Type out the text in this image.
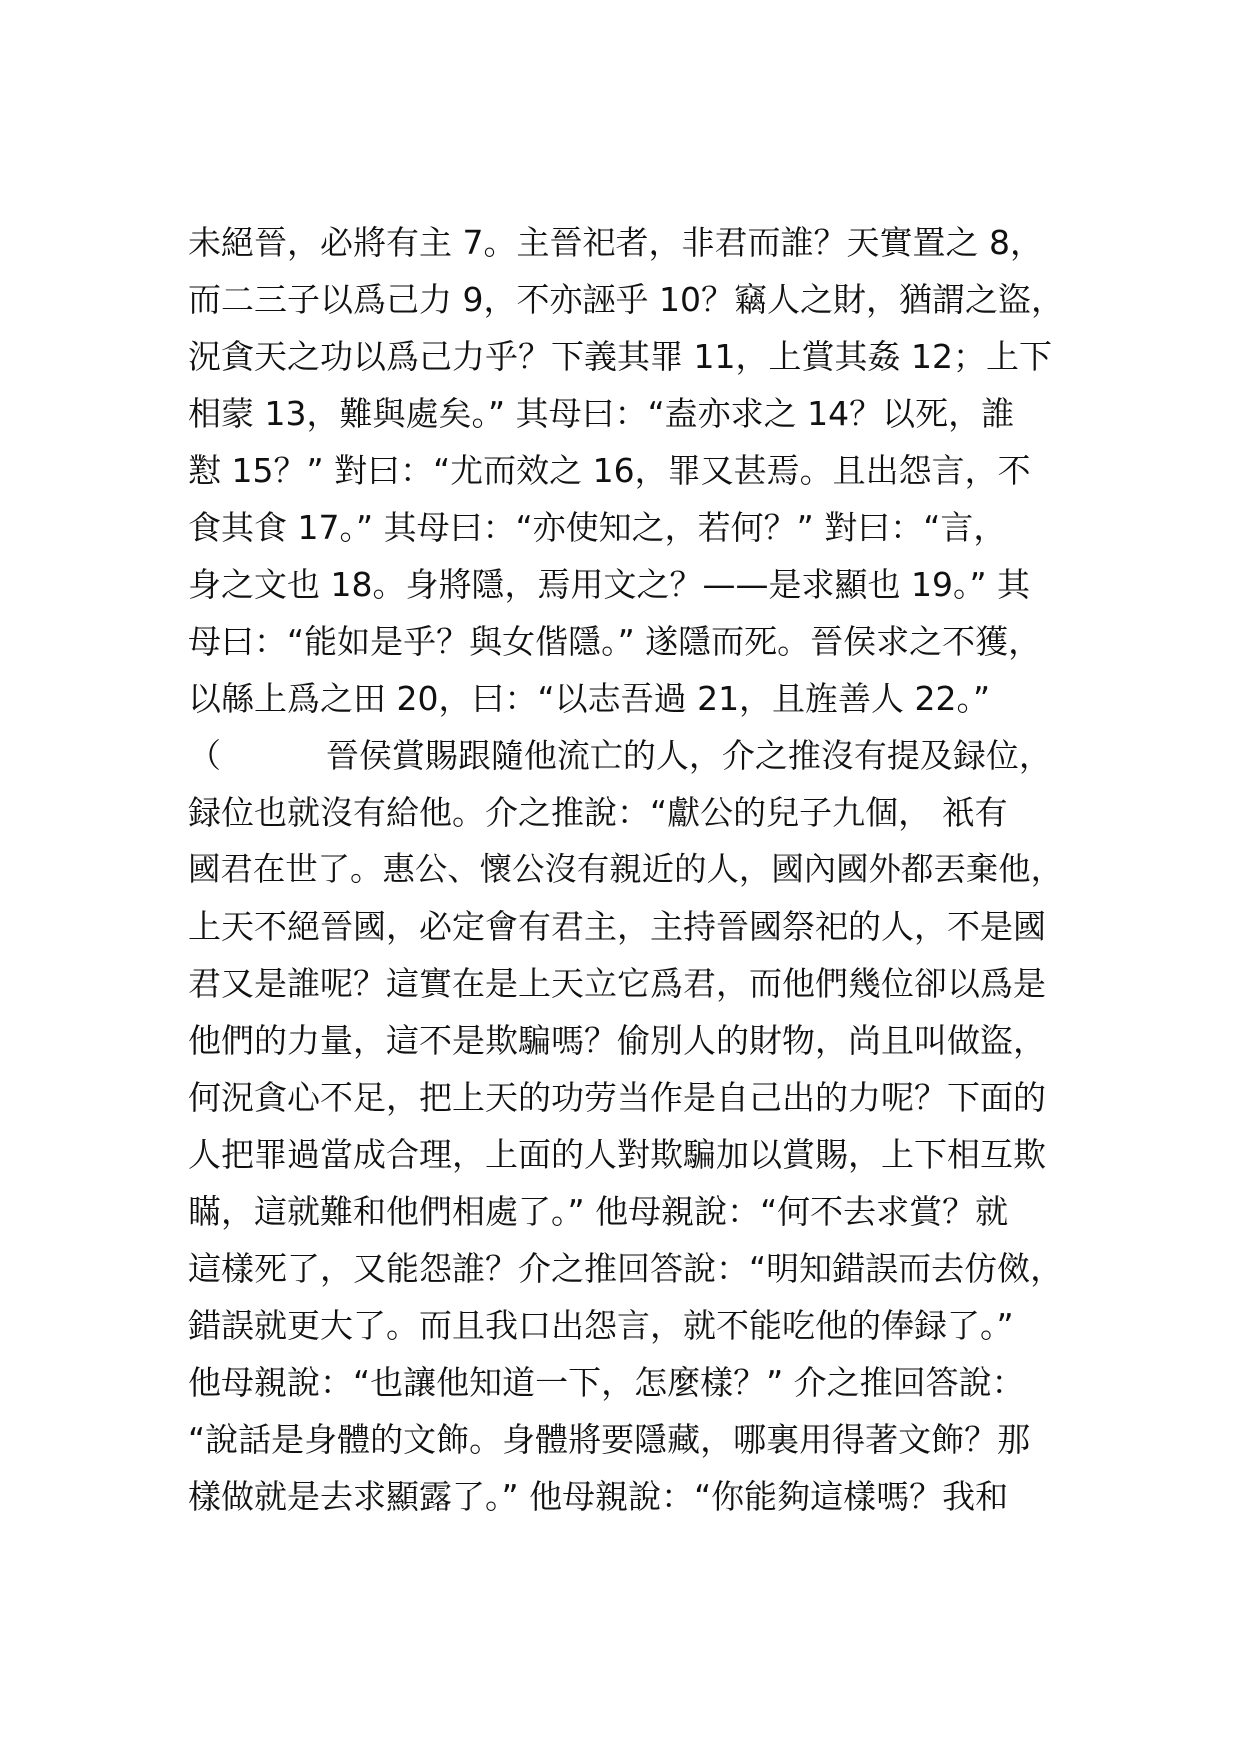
未絕晉，必將有主 7。主晉祀者，非君而誰？天實置之 8，
而二三子以爲己力 9，不亦誣乎 10？竊人之財，猶謂之盜，
況貪天之功以爲己力乎？下義其罪 11，上賞其姦 12；上下
相蒙 13，難與處矣。” 其母曰：“盍亦求之 14？以死，誰
懟 15？” 對曰：“尤而效之 16，罪又甚焉。且出怨言，不
食其食 17。” 其母曰：“亦使知之，若何？” 對曰：“言，
身之文也 18。身將隱，焉用文之？——是求顯也 19。” 其
母曰：“能如是乎？與女偕隱。” 遂隱而死。晉侯求之不獲，
以緜上爲之田 20，曰：“以志吾過 21，且旌善人 22。”
（          晉侯賞賜跟隨他流亡的人，介之推沒有提及録位，
録位也就沒有給他。介之推說：“獻公的兒子九個， 衹有
國君在世了。惠公、懷公沒有親近的人，國內國外都丟棄他，
上天不絕晉國，必定會有君主，主持晉國祭祀的人，不是國
君又是誰呢？這實在是上天立它爲君，而他們幾位卻以爲是
他們的力量，這不是欺騙嗎？偷別人的財物，尚且叫做盜，
何況貪心不足，把上天的功劳当作是自己出的力呢？下面的
人把罪過當成合理，上面的人對欺騙加以賞賜，上下相互欺
瞞，這就難和他們相處了。” 他母親說：“何不去求賞？就
這樣死了，又能怨誰？介之推回答說：“明知錯誤而去仿傚，
錯誤就更大了。而且我口出怨言，就不能吃他的俸録了。”
他母親說：“也讓他知道一下，怎麼樣？” 介之推回答說：
“說話是身體的文飾。身體將要隱藏，哪裏用得著文飾？那
樣做就是去求顯露了。” 他母親說：“你能夠這樣嗎？我和
